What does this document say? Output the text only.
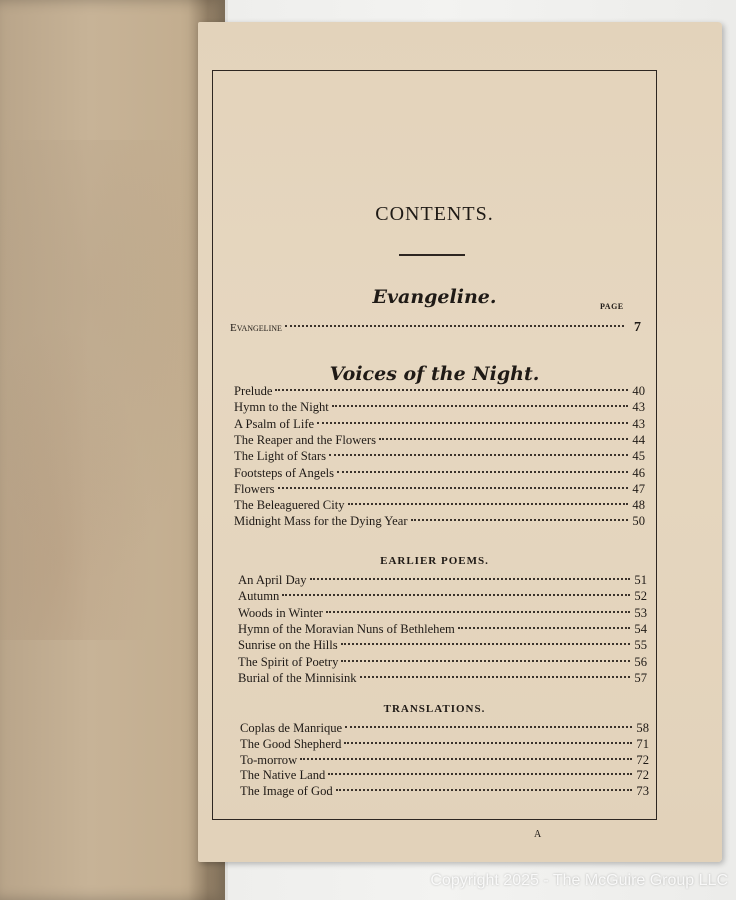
CONTENTS.
Evangeline.	PAGE
Voices of the Night.
EARLIER POEMS.
TRANSLATIONS.
Evangeline	7
Prelude	40
Hymn to the Night	43
A Psalm of Life	43
The Reaper and the Flowers	44
The Light of Stars	45
Footsteps of Angels	46
Flowers	47
The Beleaguered City	48
Midnight Mass for the Dying Year	50
An April Day	51
Autumn	52
Woods in Winter	53
Hymn of the Moravian Nuns of Bethlehem	54
Sunrise on the Hills	55
The Spirit of Poetry	56
Burial of the Minnisink	57
Coplas de Manrique	58
The Good Shepherd	71
To-morrow	72
The Native Land	72
The Image of God	73
A
Copyright 2025 - The McGuire Group LLC
